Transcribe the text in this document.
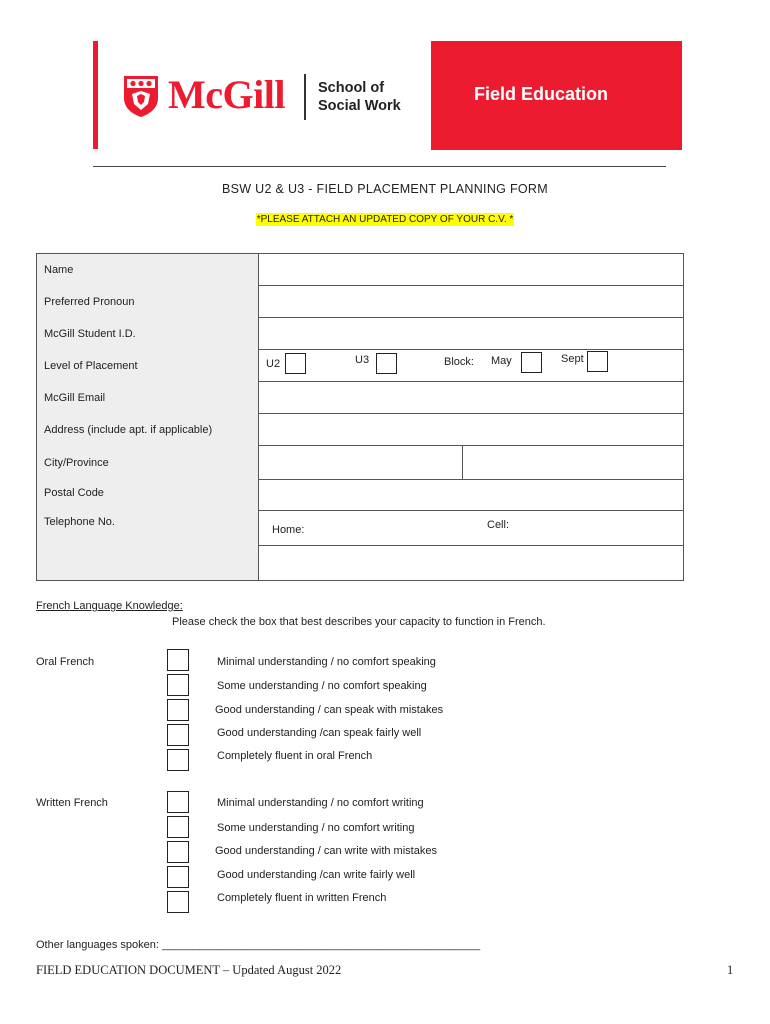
McGill School of
Social Work
Field Education
BSW U2 & U3 - FIELD PLACEMENT PLANNING FORM
*PLEASE ATTACH AN UPDATED COPY OF YOUR C.V. *
Name	
Preferred Pronoun	
McGill Student I.D.	
Level of Placement	U2 U3 Block: May Sept

McGill Email	
Address (include apt. if applicable)	
City/Province	

Postal Code	
Telephone No.	Home: Cell:

French Language Knowledge:
Please check the box that best describes your capacity to function in French.
Oral French	Minimal understanding / no comfort speaking
Some understanding / no comfort speaking
Good understanding / can speak with mistakes
Good understanding /can speak fairly well
Completely fluent in oral French
Written French	Minimal understanding / no comfort writing
Some understanding / no comfort writing
Good understanding / can write with mistakes
Good understanding /can write fairly well
Completely fluent in written French
Other languages spoken: ____________________________________________________
FIELD EDUCATION DOCUMENT – Updated August 2022	1
